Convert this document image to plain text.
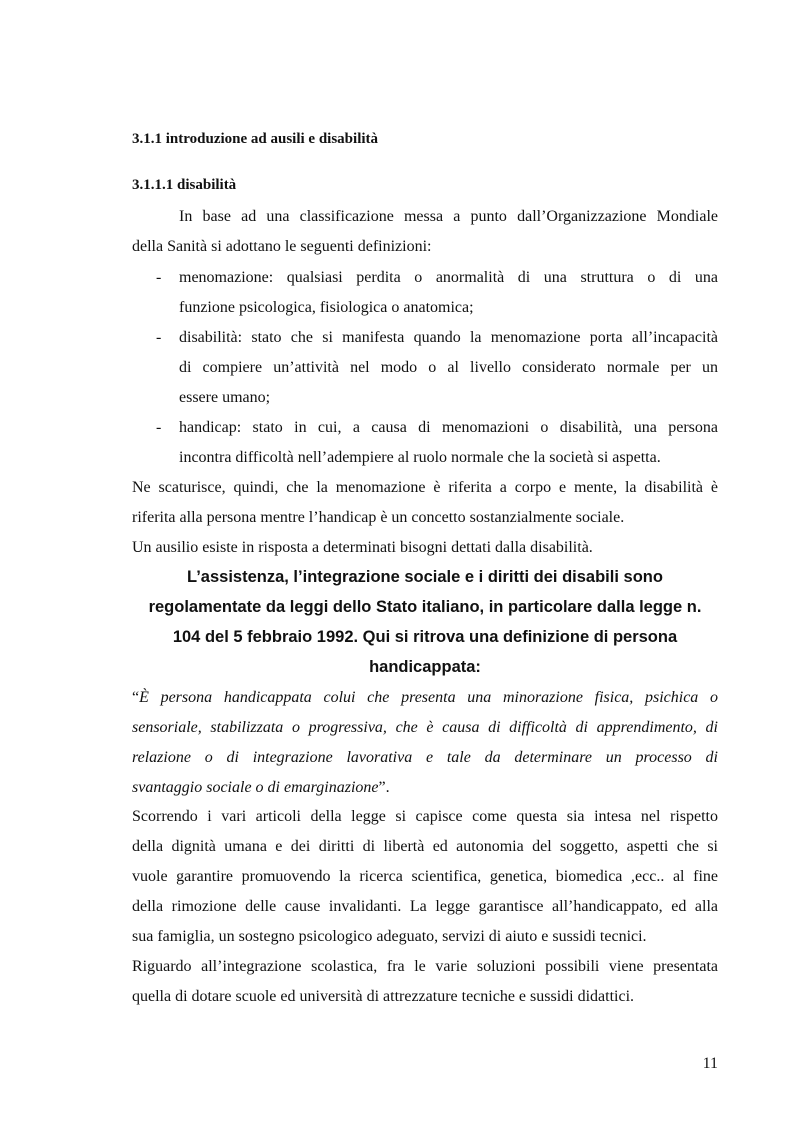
3.1.1 introduzione ad ausili e disabilità
3.1.1.1 disabilità
In base ad una classificazione messa a punto dall’Organizzazione Mondiale
della Sanità si adottano le seguenti definizioni:
- menomazione: qualsiasi perdita o anormalità di una struttura o di una
funzione psicologica, fisiologica o anatomica;
- disabilità: stato che si manifesta quando la menomazione porta all’incapacità
di compiere un’attività nel modo o al livello considerato normale per un
essere umano;
- handicap: stato in cui, a causa di menomazioni o disabilità, una persona
incontra difficoltà nell’adempiere al ruolo normale che la società si aspetta.
Ne scaturisce, quindi, che la menomazione è riferita a corpo e mente, la disabilità è
riferita alla persona mentre l’handicap è un concetto sostanzialmente sociale.
Un ausilio esiste in risposta a determinati bisogni dettati dalla disabilità.
L’assistenza, l’integrazione sociale e i diritti dei disabili sono
regolamentate da leggi dello Stato italiano, in particolare dalla legge n.
104 del 5 febbraio 1992. Qui si ritrova una definizione di persona
handicappata:
“È persona handicappata colui che presenta una minorazione fisica, psichica o
sensoriale, stabilizzata o progressiva, che è causa di difficoltà di apprendimento, di
relazione o di integrazione lavorativa e tale da determinare un processo di
svantaggio sociale o di emarginazione”.
Scorrendo i vari articoli della legge si capisce come questa sia intesa nel rispetto
della dignità umana e dei diritti di libertà ed autonomia del soggetto, aspetti che si
vuole garantire promuovendo la ricerca scientifica, genetica, biomedica ,ecc.. al fine
della rimozione delle cause invalidanti. La legge garantisce all’handicappato, ed alla
sua famiglia, un sostegno psicologico adeguato, servizi di aiuto e sussidi tecnici.
Riguardo all’integrazione scolastica, fra le varie soluzioni possibili viene presentata
quella di dotare scuole ed università di attrezzature tecniche e sussidi didattici.
11
